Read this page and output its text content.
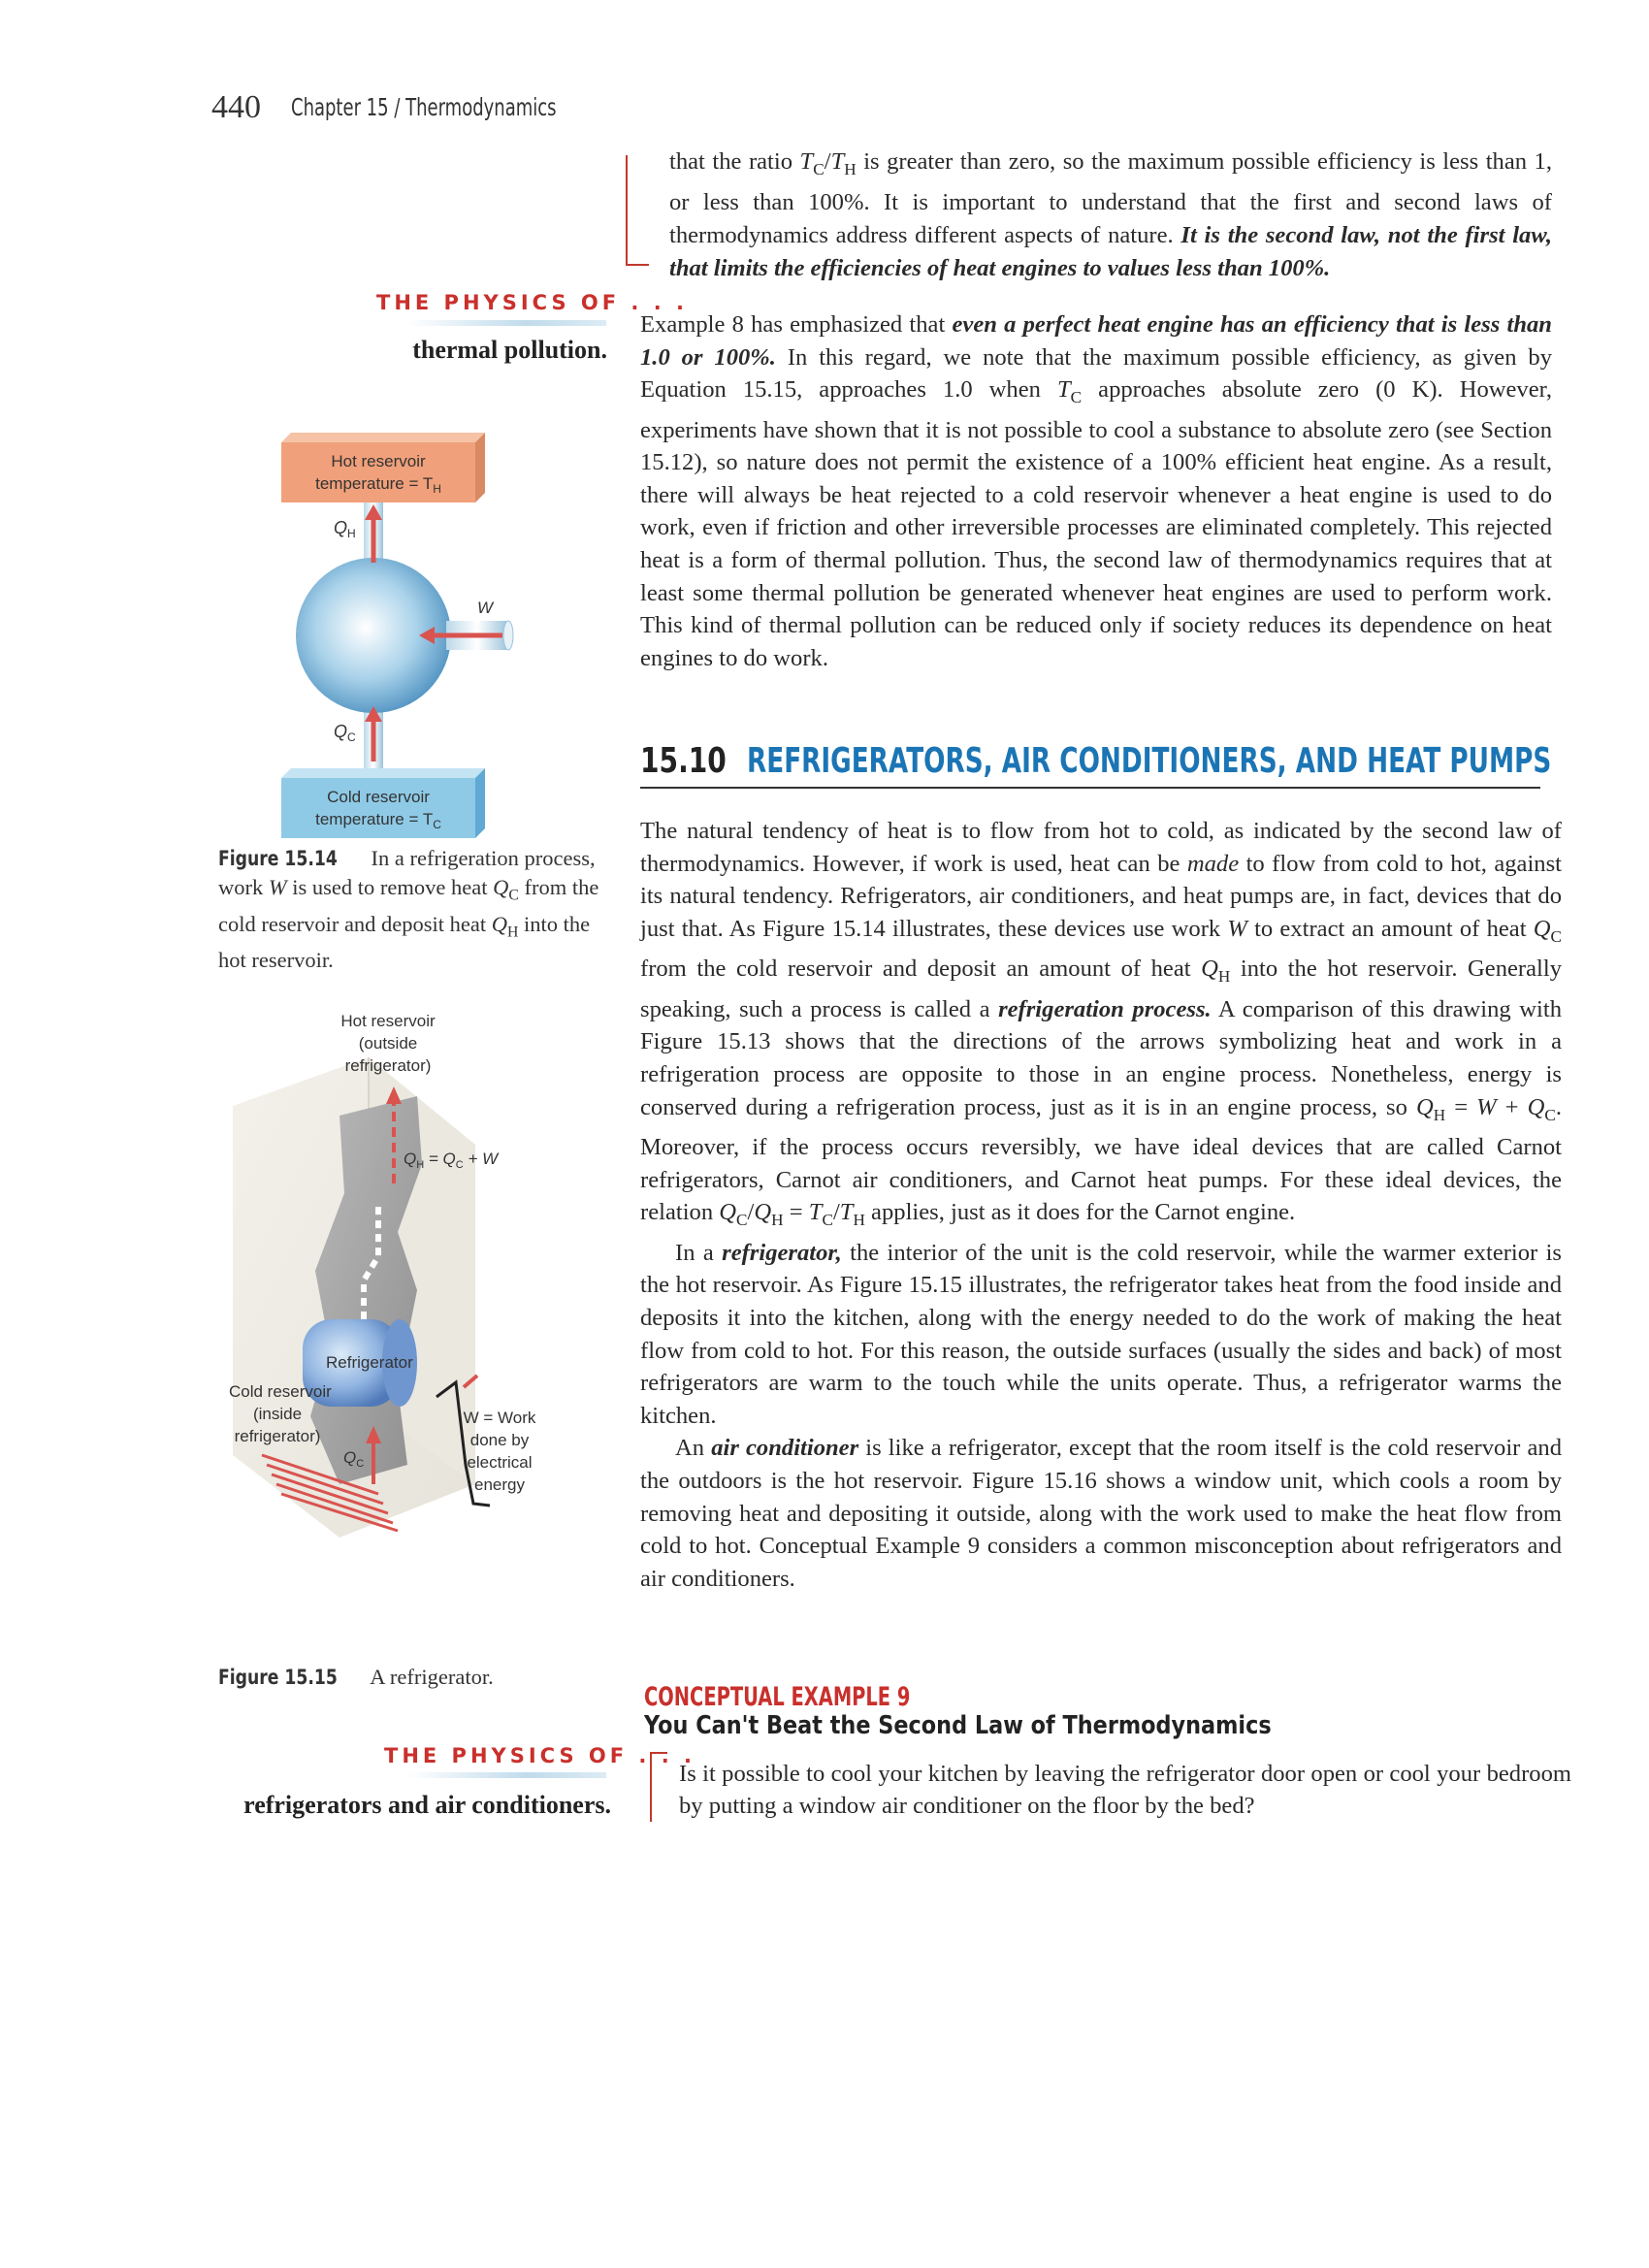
440 Chapter 15 / Thermodynamics

that the ratio $T_C/T_H$ is greater than zero, so the maximum possible efficiency is less than 1, or less than 100%. It is important to understand that the first and second laws of thermodynamics address different aspects of nature. It is the second law, not the first law, that limits the efficiencies of heat engines to values less than 100%.

THE PHYSICS OF . . .
thermal pollution.

Example 8 has emphasized that even a perfect heat engine has an efficiency that is less than 1.0 or 100%. In this regard, we note that the maximum possible efficiency, as given by Equation 15.15, approaches 1.0 when $T_C$ approaches absolute zero (0 K). However, experiments have shown that it is not possible to cool a substance to absolute zero (see Section 15.12), so nature does not permit the existence of a 100% efficient heat engine. As a result, there will always be heat rejected to a cold reservoir whenever a heat engine is used to do work, even if friction and other irreversible processes are eliminated completely. This rejected heat is a form of thermal pollution. Thus, the second law of thermodynamics requires that at least some thermal pollution be generated whenever heat engines are used to perform work. This kind of thermal pollution can be reduced only if society reduces its dependence on heat engines to do work.

Hot reservoir
temperature = $T_H$
$Q_H$
$Q_C$
W
Cold reservoir
temperature = $T_C$
Figure 15.14 In a refrigeration process, work W is used to remove heat $Q_C$ from the cold reservoir and deposit heat $Q_H$ into the hot reservoir.
Refrigerator
Hot reservoir
(outside
refrigerator)
$Q_H = Q_C + W$
Cold reservoir
(inside
refrigerator)
$Q_C$
W = Work
done by
electrical
energy
Figure 15.15 A refrigerator.
15.10 REFRIGERATORS, AIR CONDITIONERS, AND HEAT PUMPS

The natural tendency of heat is to flow from hot to cold, as indicated by the second law of thermodynamics. However, if work is used, heat can be made to flow from cold to hot, against its natural tendency. Refrigerators, air conditioners, and heat pumps are, in fact, devices that do just that. As Figure 15.14 illustrates, these devices use work W to extract an amount of heat $Q_C$ from the cold reservoir and deposit an amount of heat $Q_H$ into the hot reservoir. Generally speaking, such a process is called a refrigeration process. A comparison of this drawing with Figure 15.13 shows that the directions of the arrows symbolizing heat and work in a refrigeration process are opposite to those in an engine process. Nonetheless, energy is conserved during a refrigeration process, just as it is in an engine process, so $Q_H = W + Q_C$. Moreover, if the process occurs reversibly, we have ideal devices that are called Carnot refrigerators, Carnot air conditioners, and Carnot heat pumps. For these ideal devices, the relation $Q_C/Q_H = T_C/T_H$ applies, just as it does for the Carnot engine.

In a refrigerator, the interior of the unit is the cold reservoir, while the warmer exterior is the hot reservoir. As Figure 15.15 illustrates, the refrigerator takes heat from the food inside and deposits it into the kitchen, along with the energy needed to do the work of making the heat flow from cold to hot. For this reason, the outside surfaces (usually the sides and back) of most refrigerators are warm to the touch while the units operate. Thus, a refrigerator warms the kitchen.

An air conditioner is like a refrigerator, except that the room itself is the cold reservoir and the outdoors is the hot reservoir. Figure 15.16 shows a window unit, which cools a room by removing heat and depositing it outside, along with the work used to make the heat flow from cold to hot. Conceptual Example 9 considers a common misconception about refrigerators and air conditioners.

THE PHYSICS OF . . .
refrigerators and air conditioners.
CONCEPTUAL EXAMPLE 9
You Can't Beat the Second Law of Thermodynamics

Is it possible to cool your kitchen by leaving the refrigerator door open or cool your bedroom by putting a window air conditioner on the floor by the bed?
